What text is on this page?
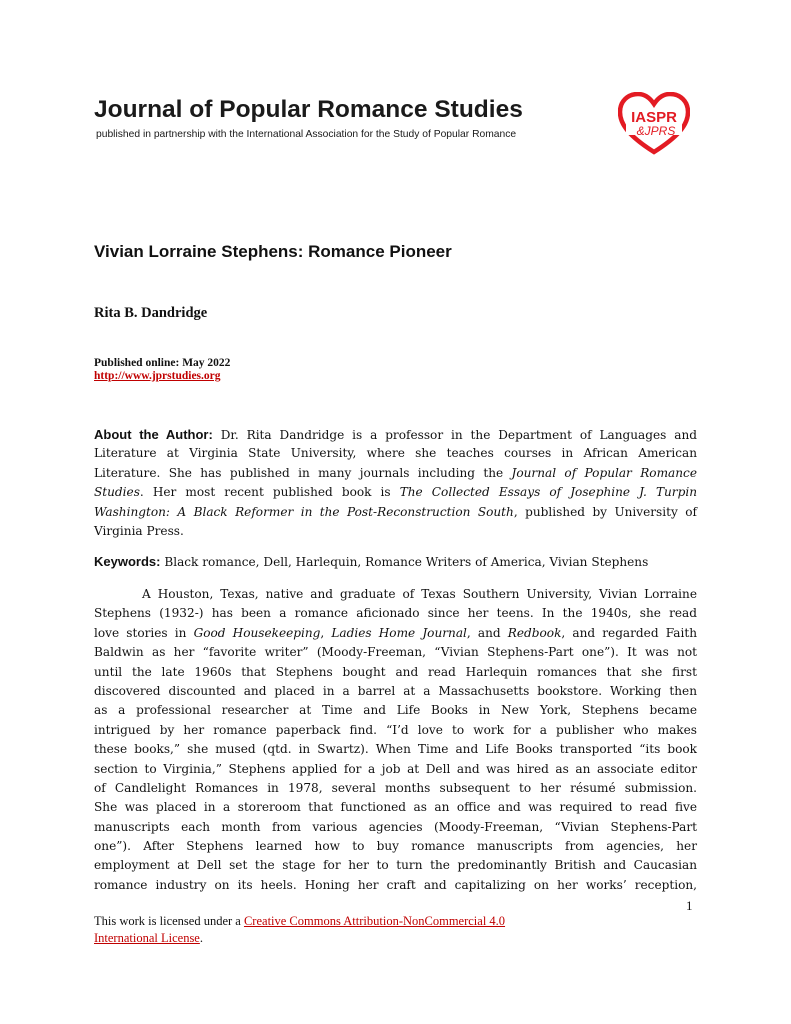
Journal of Popular Romance Studies
published in partnership with the International Association for the Study of Popular Romance
IASPR
&JPRS
Vivian Lorraine Stephens: Romance Pioneer
Rita B. Dandridge
Published online: May 2022
http://www.jprstudies.org
About the Author: Dr. Rita Dandridge is a professor in the Department of Languages and
Literature at Virginia State University, where she teaches courses in African American
Literature. She has published in many journals including the Journal of Popular Romance
Studies. Her most recent published book is The Collected Essays of Josephine J. Turpin
Washington: A Black Reformer in the Post-Reconstruction South, published by University of
Virginia Press.
Keywords: Black romance, Dell, Harlequin, Romance Writers of America, Vivian Stephens
A Houston, Texas, native and graduate of Texas Southern University, Vivian Lorraine
Stephens (1932-) has been a romance aficionado since her teens. In the 1940s, she read
love stories in Good Housekeeping, Ladies Home Journal, and Redbook, and regarded Faith
Baldwin as her “favorite writer” (Moody-Freeman, “Vivian Stephens-Part one”). It was not
until the late 1960s that Stephens bought and read Harlequin romances that she first
discovered discounted and placed in a barrel at a Massachusetts bookstore. Working then
as a professional researcher at Time and Life Books in New York, Stephens became
intrigued by her romance paperback find. “I’d love to work for a publisher who makes
these books,” she mused (qtd. in Swartz). When Time and Life Books transported “its book
section to Virginia,” Stephens applied for a job at Dell and was hired as an associate editor
of Candlelight Romances in 1978, several months subsequent to her résumé submission.
She was placed in a storeroom that functioned as an office and was required to read five
manuscripts each month from various agencies (Moody-Freeman, “Vivian Stephens-Part
one”). After Stephens learned how to buy romance manuscripts from agencies, her
employment at Dell set the stage for her to turn the predominantly British and Caucasian
romance industry on its heels. Honing her craft and capitalizing on her works’ reception,
1
This work is licensed under a Creative Commons Attribution-NonCommercial 4.0
International License.
